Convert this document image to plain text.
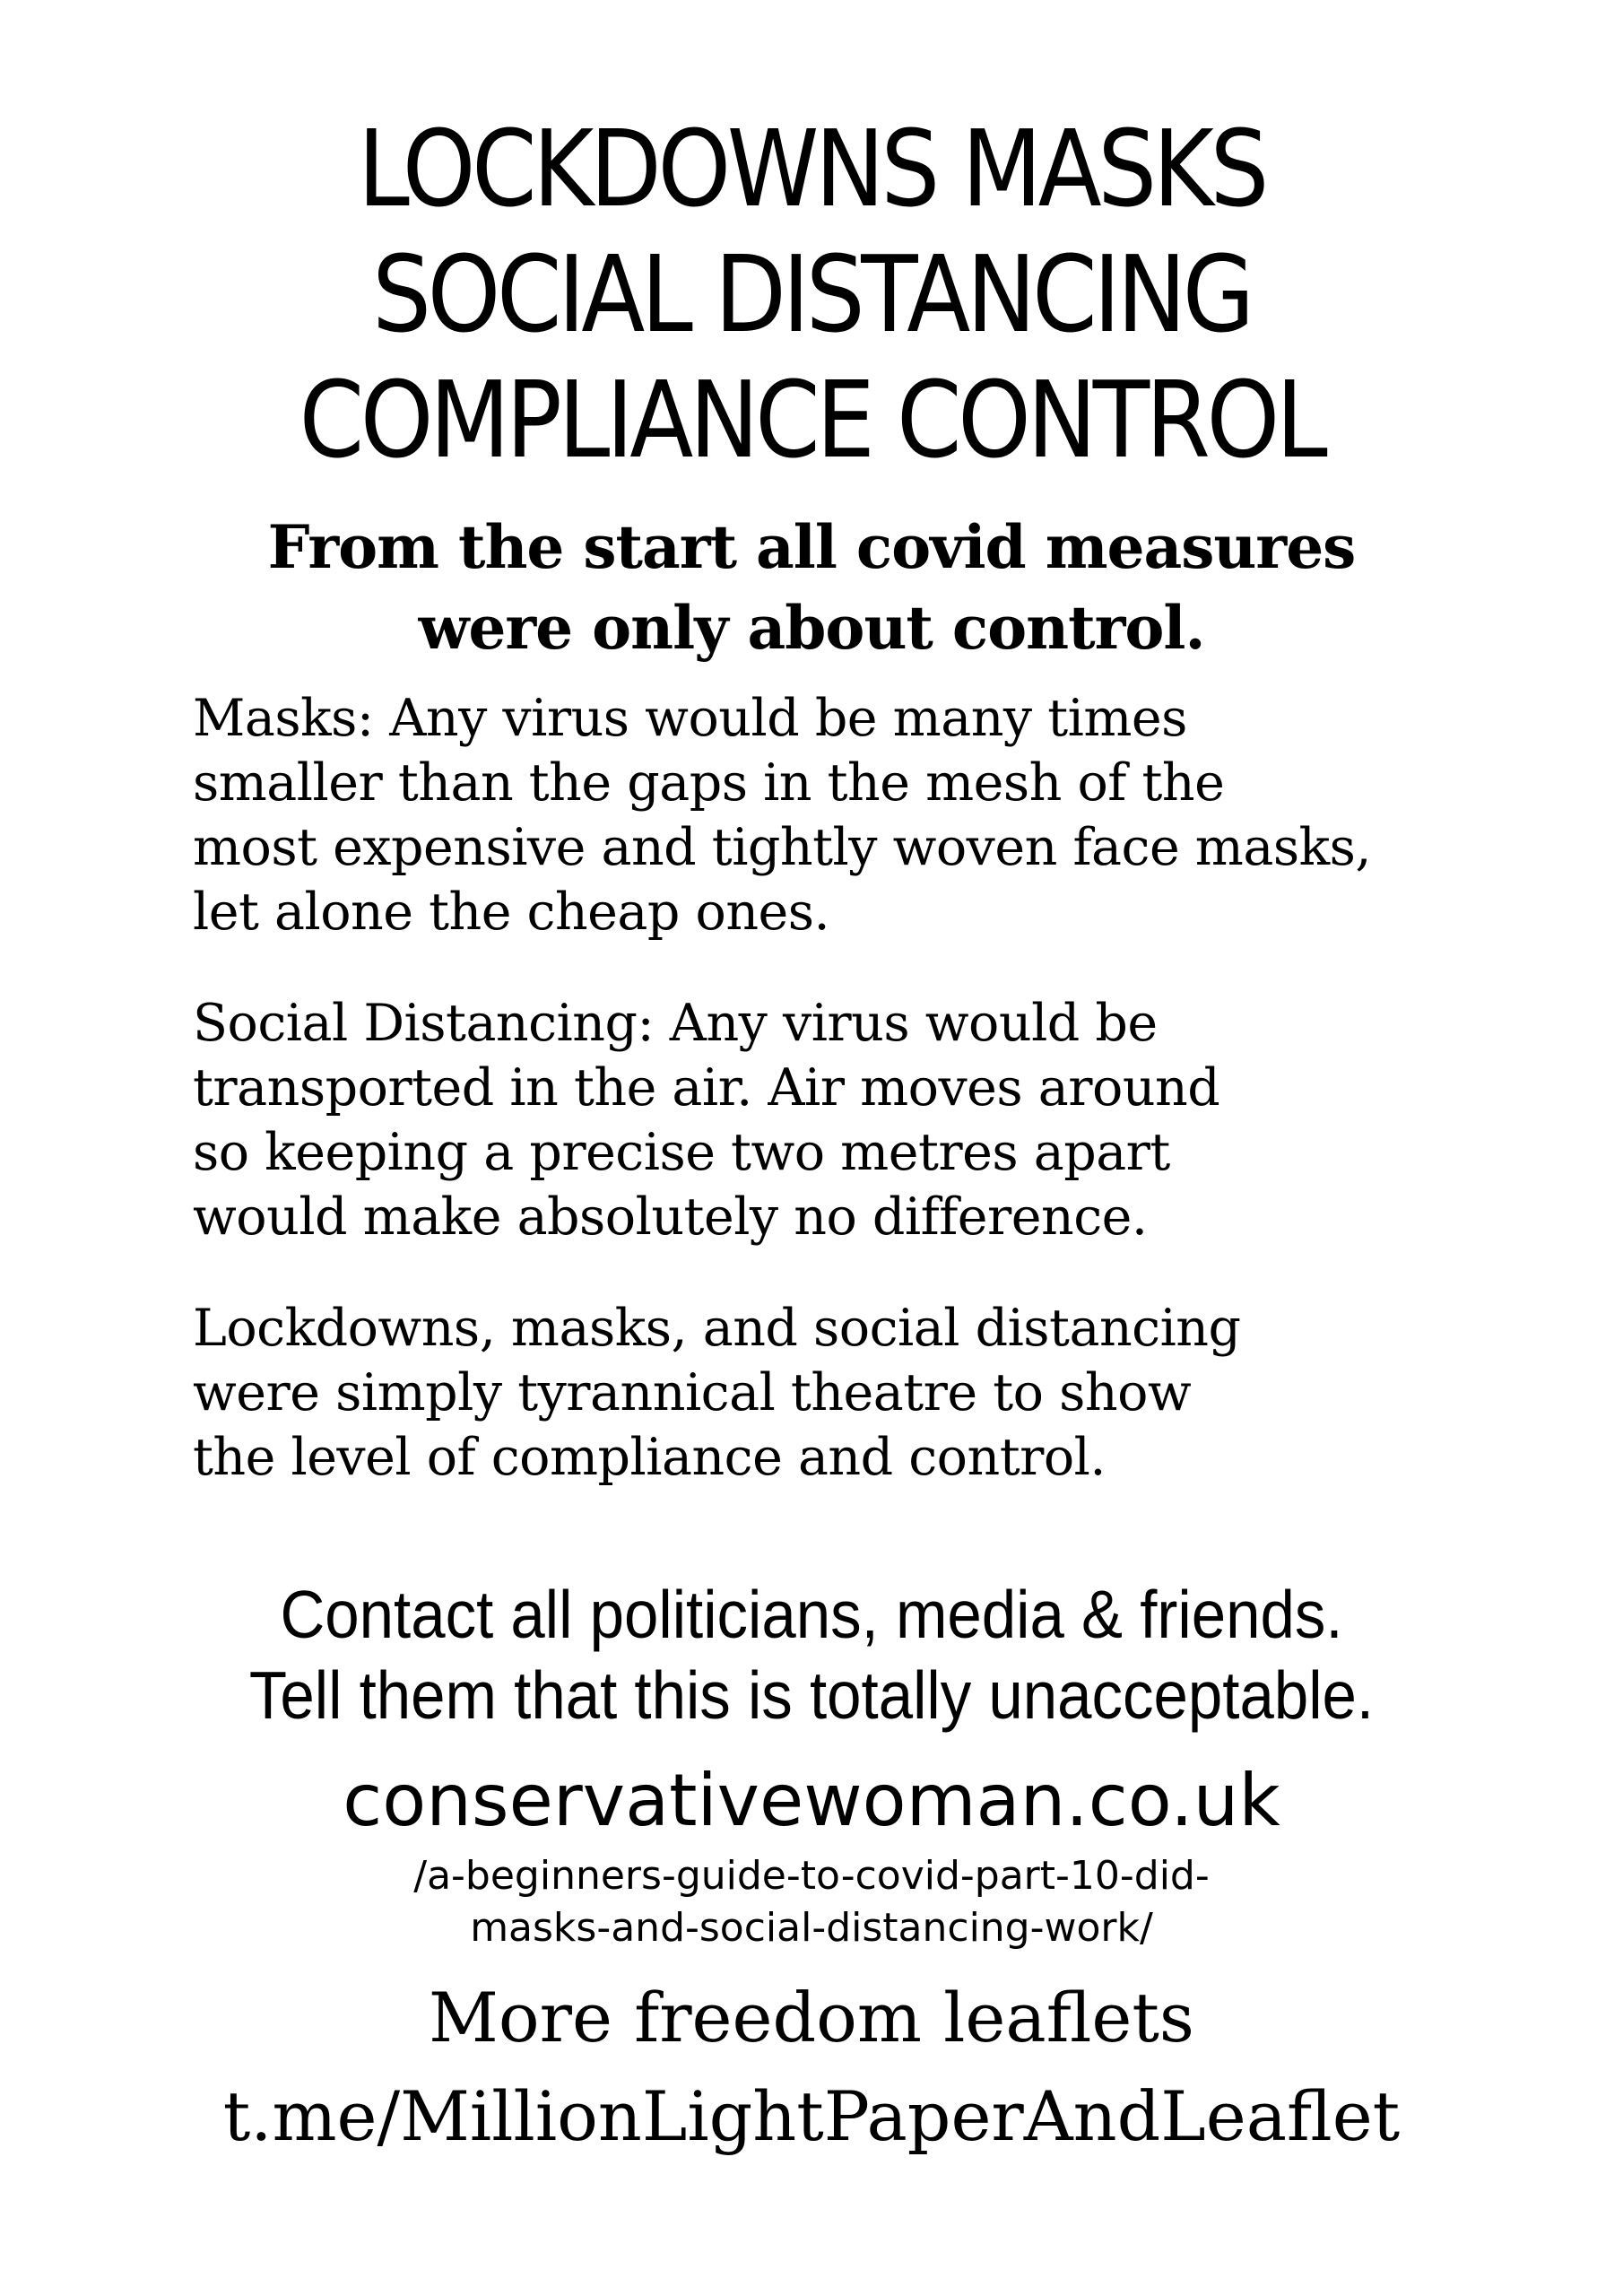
LOCKDOWNS MASKS
SOCIAL DISTANCING
COMPLIANCE CONTROL
From the start all covid measures
were only about control.
Masks: Any virus would be many times
smaller than the gaps in the mesh of the
most expensive and tightly woven face masks,
let alone the cheap ones.
Social Distancing: Any virus would be
transported in the air. Air moves around
so keeping a precise two metres apart
would make absolutely no difference.
Lockdowns, masks, and social distancing
were simply tyrannical theatre to show
the level of compliance and control.
Contact all politicians, media & friends.
Tell them that this is totally unacceptable.
conservativewoman.co.uk
/a-beginners-guide-to-covid-part-10-did-
masks-and-social-distancing-work/
More freedom leaflets
t.me/MillionLightPaperAndLeaflet
